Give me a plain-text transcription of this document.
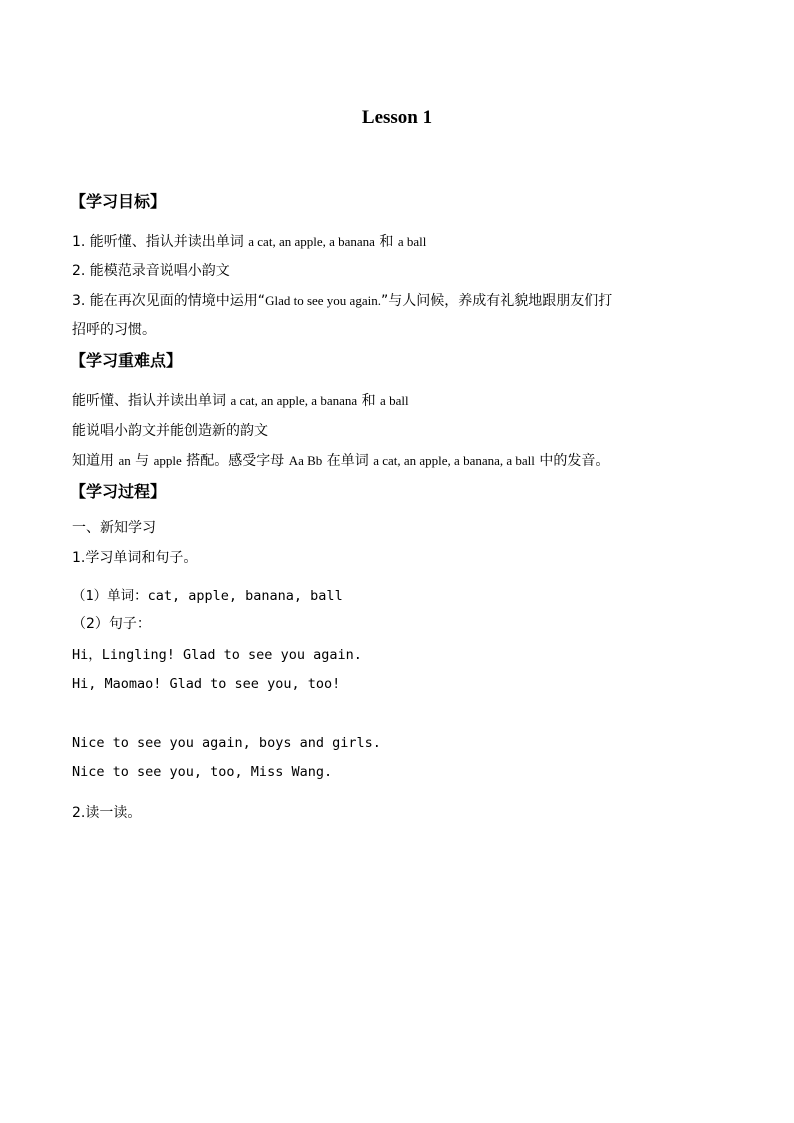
Lesson 1
【学习目标】
1. 能听懂、指认并读出单词 a cat, an apple, a banana 和 a ball
2. 能模范录音说唱小韵文
3. 能在再次见面的情境中运用“Glad to see you again.”与人问候，养成有礼貌地跟朋友们打
招呼的习惯。
【学习重难点】
能听懂、指认并读出单词 a cat, an apple, a banana 和 a ball
能说唱小韵文并能创造新的韵文
知道用 an 与 apple 搭配。感受字母 Aa Bb 在单词 a cat, an apple, a banana, a ball 中的发音。
【学习过程】
一、新知学习
1.学习单词和句子。
（1）单词：cat, apple, banana, ball
（2）句子：
Hi，Lingling! Glad to see you again.
Hi, Maomao! Glad to see you, too!
Nice to see you again, boys and girls.
Nice to see you, too, Miss Wang.
2.读一读。
